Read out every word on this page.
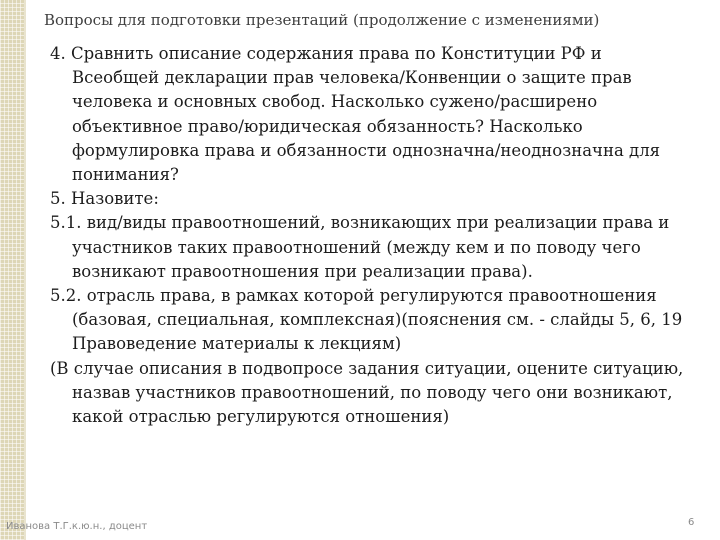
Вопросы для подготовки презентаций (продолжение с изменениями)

4. Сравнить описание содержания права по Конституции РФ и Всеобщей декларации прав человека/Конвенции о защите прав человека и основных свобод. Насколько сужено/расширено объективное право/юридическая обязанность? Насколько формулировка права и обязанности однозначна/неоднозначна для понимания?

5. Назовите:

5.1. вид/виды правоотношений, возникающих при реализации права и участников таких правоотношений (между кем и по поводу чего возникают правоотношения при реализации права).

5.2. отрасль права, в рамках которой регулируются правоотношения (базовая, специальная, комплексная)(пояснения см. - слайды 5, 6, 19 Правоведение материалы к лекциям)

(В случае описания в подвопросе задания ситуации, оцените ситуацию, назвав участников правоотношений, по поводу чего они возникают, какой отраслью регулируются отношения)

Иванова Т.Г.к.ю.н., доцент	6
